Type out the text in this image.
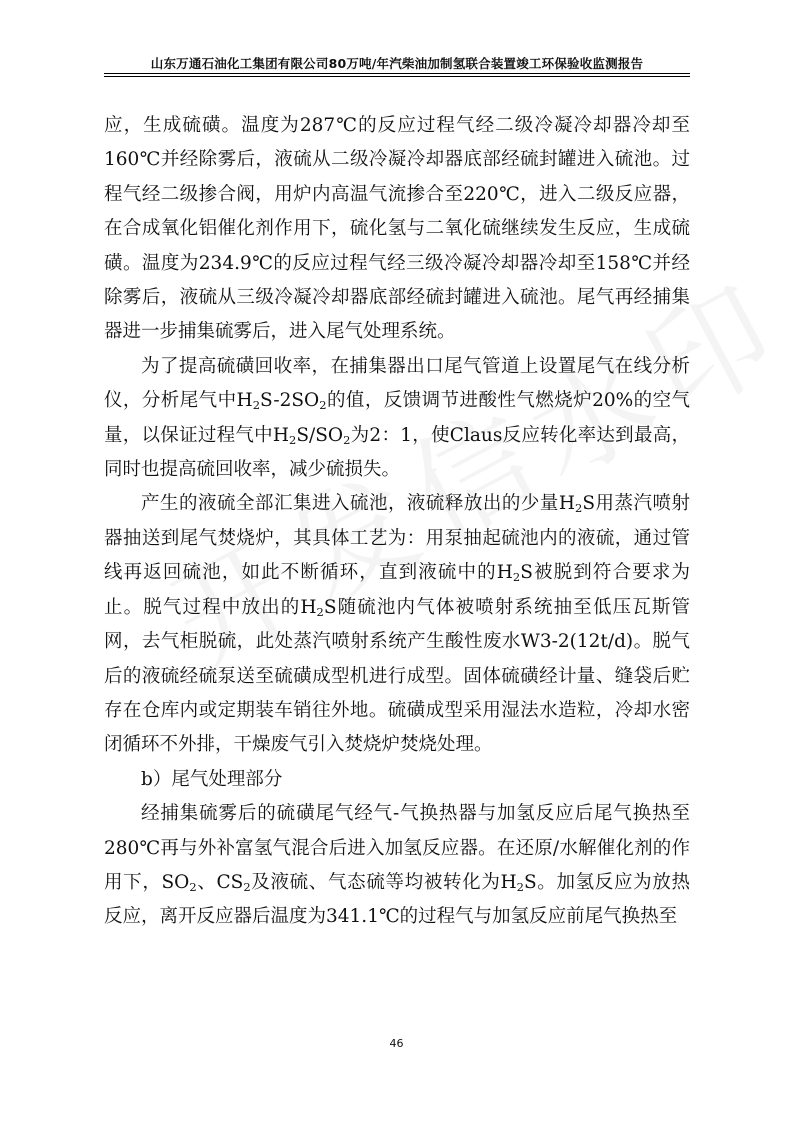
山东万通石油化工集团有限公司80万吨/年汽柴油加制氢联合装置竣工环保验收监测报告

应，生成硫磺。温度为287℃的反应过程气经二级冷凝冷却器冷却至160℃并经除雾后，液硫从二级冷凝冷却器底部经硫封罐进入硫池。过程气经二级掺合阀，用炉内高温气流掺合至220℃，进入二级反应器，在合成氧化铝催化剂作用下，硫化氢与二氧化硫继续发生反应，生成硫磺。温度为234.9℃的反应过程气经三级冷凝冷却器冷却至158℃并经除雾后，液硫从三级冷凝冷却器底部经硫封罐进入硫池。尾气再经捕集器进一步捕集硫雾后，进入尾气处理系统。

为了提高硫磺回收率，在捕集器出口尾气管道上设置尾气在线分析仪，分析尾气中$H_2S-2SO_2$的值，反馈调节进酸性气燃烧炉20%的空气量，以保证过程气中$H_2S/SO_2$为2：1，使Claus反应转化率达到最高，同时也提高硫回收率，减少硫损失。

产生的液硫全部汇集进入硫池，液硫释放出的少量$H_2S$用蒸汽喷射器抽送到尾气焚烧炉，其具体工艺为：用泵抽起硫池内的液硫，通过管线再返回硫池，如此不断循环，直到液硫中的$H_2S$被脱到符合要求为止。脱气过程中放出的$H_2S$随硫池内气体被喷射系统抽至低压瓦斯管网，去气柜脱硫，此处蒸汽喷射系统产生酸性废水W3-2(12t/d)。脱气后的液硫经硫泵送至硫磺成型机进行成型。固体硫磺经计量、缝袋后贮存在仓库内或定期装车销往外地。硫磺成型采用湿法水造粒，冷却水密闭循环不外排，干燥废气引入焚烧炉焚烧处理。

b）尾气处理部分

经捕集硫雾后的硫磺尾气经气-气换热器与加氢反应后尾气换热至280℃再与外补富氢气混合后进入加氢反应器。在还原/水解催化剂的作用下，$SO_2$、$CS_2$及液硫、气态硫等均被转化为$H_2S$。加氢反应为放热反应，离开反应器后温度为341.1℃的过程气与加氢反应前尾气换热至

46
